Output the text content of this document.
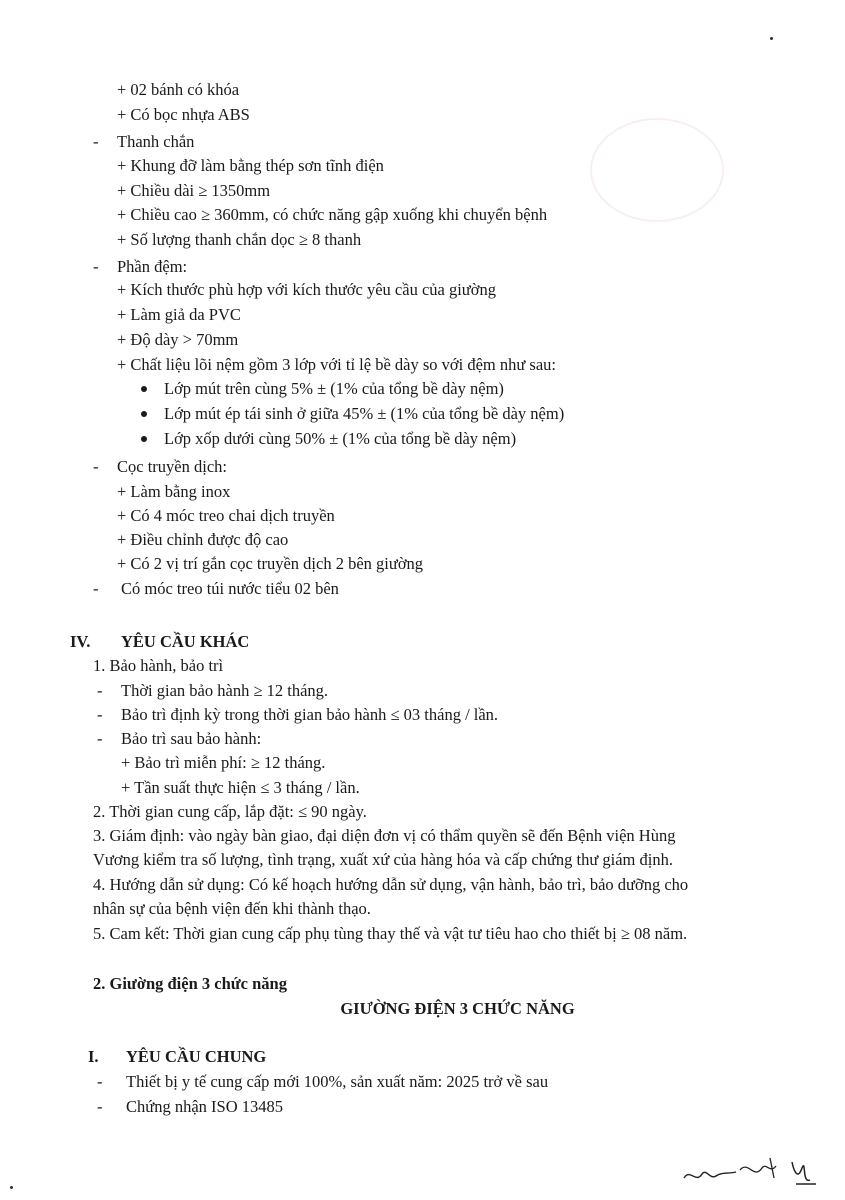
+ 02 bánh có khóa
+ Có bọc nhựa ABS
- Thanh chắn
+ Khung đỡ làm bằng thép sơn tĩnh điện
+ Chiều dài ≥ 1350mm
+ Chiều cao ≥ 360mm, có chức năng gập xuống khi chuyển bệnh
+ Số lượng thanh chắn dọc ≥ 8 thanh
- Phần đệm:
+ Kích thước phù hợp với kích thước yêu cầu của giường
+ Làm giả da PVC
+ Độ dày > 70mm
+ Chất liệu lõi nệm gồm 3 lớp với tỉ lệ bề dày so với đệm như sau:
Lớp mút trên cùng 5% ± (1% của tổng bề dày nệm)
Lớp mút ép tái sinh ở giữa 45% ± (1% của tổng bề dày nệm)
Lớp xốp dưới cùng 50% ± (1% của tổng bề dày nệm)
- Cọc truyền dịch:
+ Làm bằng inox
+ Có 4 móc treo chai dịch truyền
+ Điều chỉnh được độ cao
+ Có 2 vị trí gắn cọc truyền dịch 2 bên giường
- Có móc treo túi nước tiểu 02 bên
IV. YÊU CẦU KHÁC
1. Bảo hành, bảo trì
- Thời gian bảo hành ≥ 12 tháng.
- Bảo trì định kỳ trong thời gian bảo hành ≤ 03 tháng / lần.
- Bảo trì sau bảo hành:
+ Bảo trì miễn phí: ≥ 12 tháng.
+ Tần suất thực hiện ≤ 3 tháng / lần.
2. Thời gian cung cấp, lắp đặt: ≤ 90 ngày.
3. Giám định: vào ngày bàn giao, đại diện đơn vị có thẩm quyền sẽ đến Bệnh viện Hùng
Vương kiểm tra số lượng, tình trạng, xuất xứ của hàng hóa và cấp chứng thư giám định.
4. Hướng dẫn sử dụng: Có kế hoạch hướng dẫn sử dụng, vận hành, bảo trì, bảo dưỡng cho
nhân sự của bệnh viện đến khi thành thạo.
5. Cam kết: Thời gian cung cấp phụ tùng thay thế và vật tư tiêu hao cho thiết bị ≥ 08 năm.
2. Giường điện 3 chức năng
GIƯỜNG ĐIỆN 3 CHỨC NĂNG
I. YÊU CẦU CHUNG
- Thiết bị y tế cung cấp mới 100%, sản xuất năm: 2025 trở về sau
- Chứng nhận ISO 13485
